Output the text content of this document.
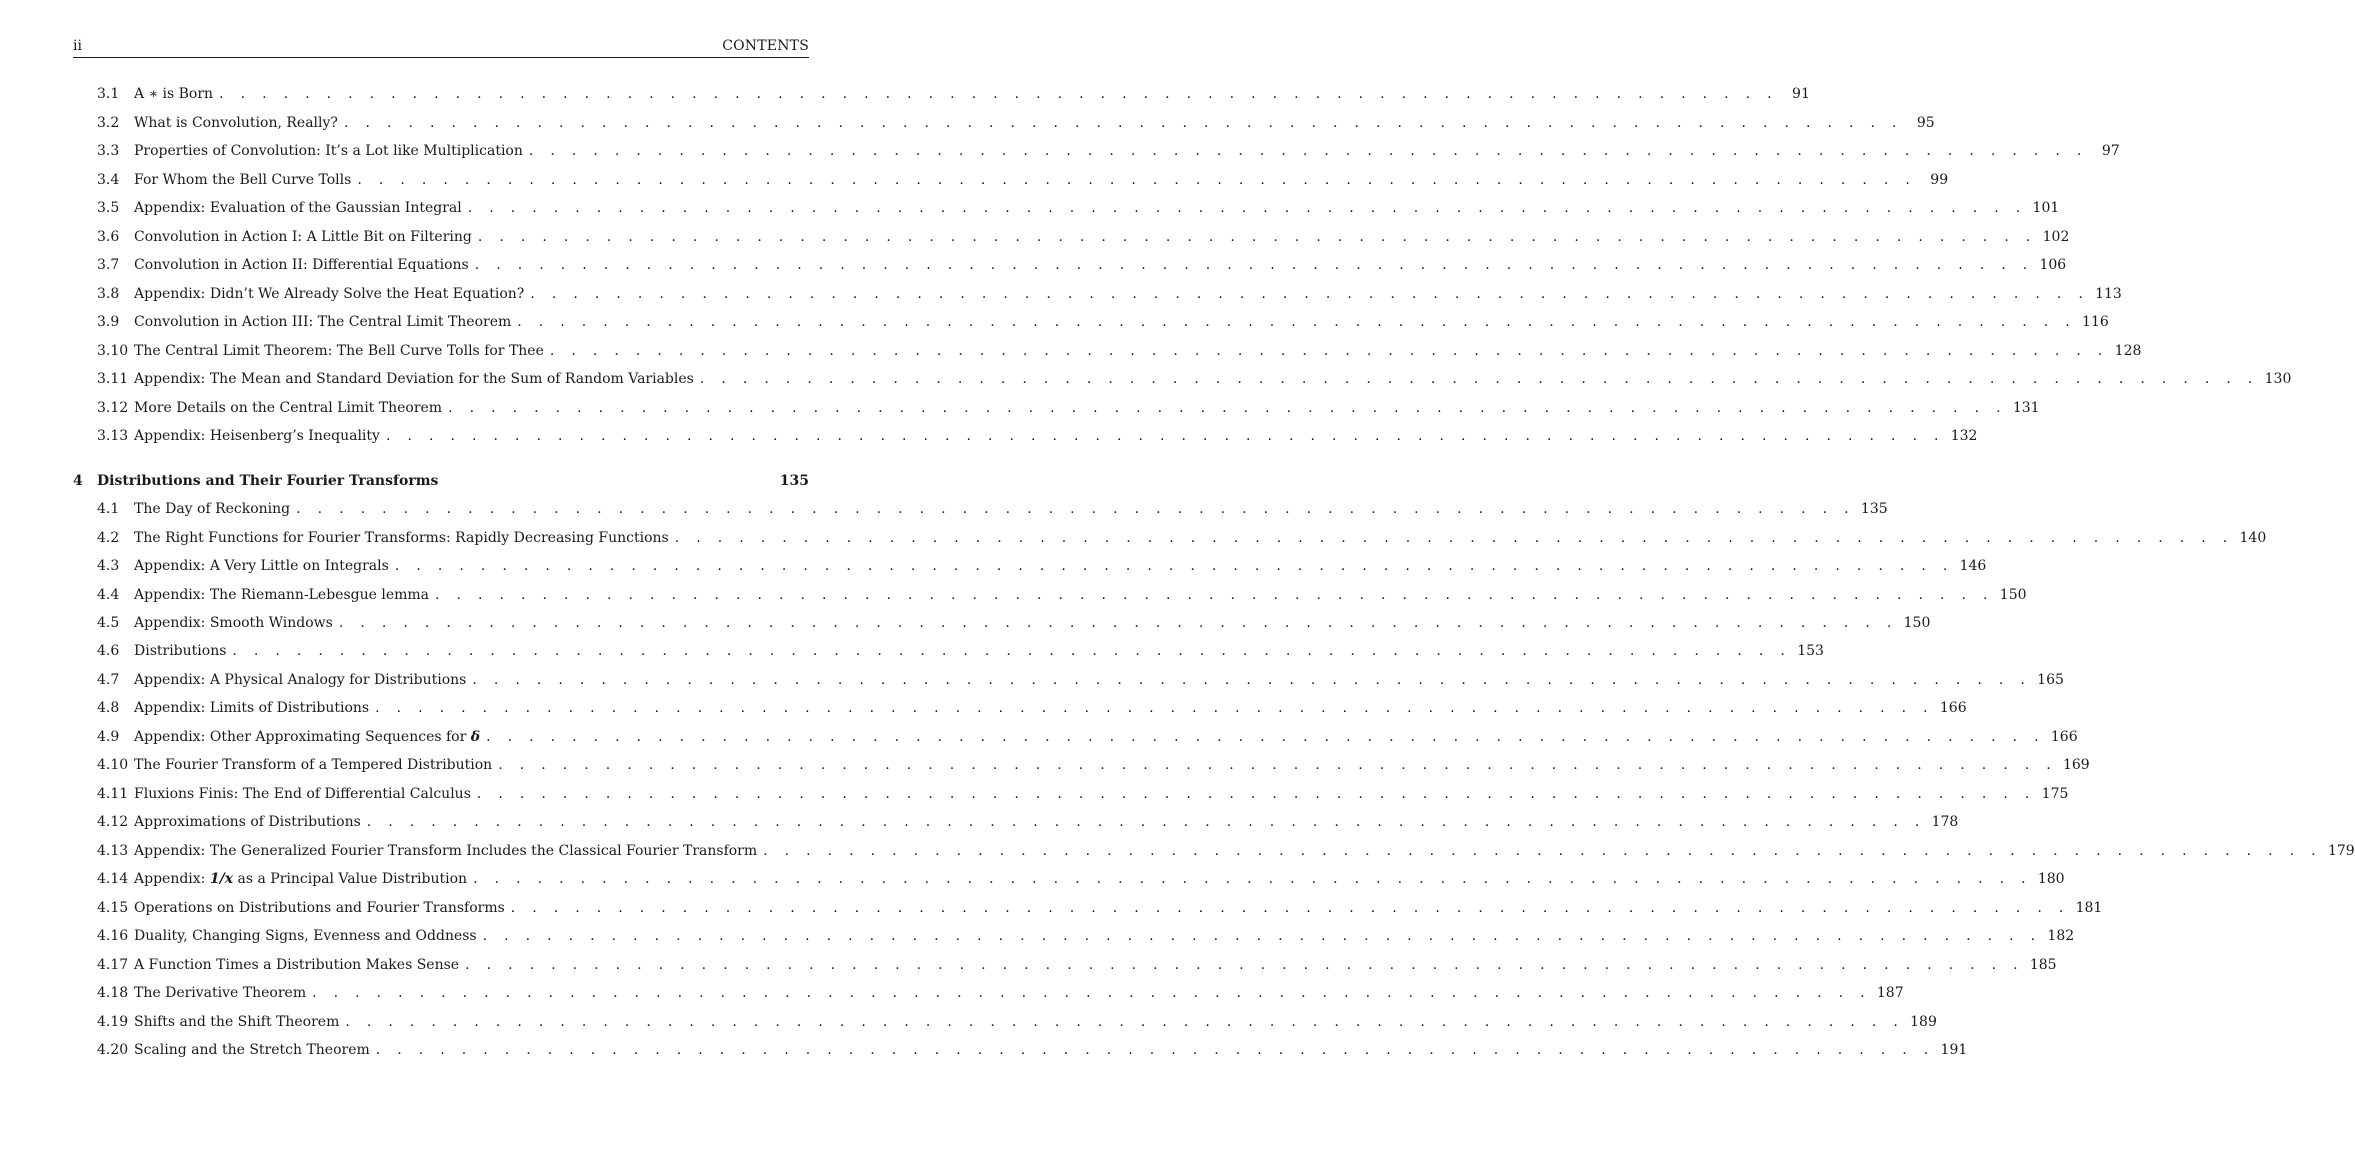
ii	CONTENTS
3.1	A ∗ is Born . . . . . . . . . . . . . . . . . . . . . . . . . . . . . . . . . . . . . . . . . . . . . . . . . . . . . . . . . . . . . . . . . . . . . . . . .	91
3.2	What is Convolution, Really? . . . . . . . . . . . . . . . . . . . . . . . . . . . . . . . . . . . . . . . . . . . . . . . . . . . . . . . . . . . . . . . . . . . . . . . . .	95
3.3	Properties of Convolution: It’s a Lot like Multiplication . . . . . . . . . . . . . . . . . . . . . . . . . . . . . . . . . . . . . . . . . . . . . . . . . . . . . . . . . . . . . . . . . . . . . . . . .	97
3.4	For Whom the Bell Curve Tolls . . . . . . . . . . . . . . . . . . . . . . . . . . . . . . . . . . . . . . . . . . . . . . . . . . . . . . . . . . . . . . . . . . . . . . . . .	99
3.5	Appendix: Evaluation of the Gaussian Integral . . . . . . . . . . . . . . . . . . . . . . . . . . . . . . . . . . . . . . . . . . . . . . . . . . . . . . . . . . . . . . . . . . . . . . . . . 101
3.6	Convolution in Action I: A Little Bit on Filtering . . . . . . . . . . . . . . . . . . . . . . . . . . . . . . . . . . . . . . . . . . . . . . . . . . . . . . . . . . . . . . . . . . . . . . . . . 102
3.7	Convolution in Action II: Differential Equations . . . . . . . . . . . . . . . . . . . . . . . . . . . . . . . . . . . . . . . . . . . . . . . . . . . . . . . . . . . . . . . . . . . . . . . . . 106
3.8	Appendix: Didn’t We Already Solve the Heat Equation? . . . . . . . . . . . . . . . . . . . . . . . . . . . . . . . . . . . . . . . . . . . . . . . . . . . . . . . . . . . . . . . . . . . . . . . . . 113
3.9	Convolution in Action III: The Central Limit Theorem . . . . . . . . . . . . . . . . . . . . . . . . . . . . . . . . . . . . . . . . . . . . . . . . . . . . . . . . . . . . . . . . . . . . . . . . . 116
3.10 The Central Limit Theorem: The Bell Curve Tolls for Thee . . . . . . . . . . . . . . . . . . . . . . . . . . . . . . . . . . . . . . . . . . . . . . . . . . . . . . . . . . . . . . . . . . . . . . . . . 128
3.11 Appendix: The Mean and Standard Deviation for the Sum of Random Variables . . . . . . . . . . . . . . . . . . . . . . . . . . . . . . . . . . . . . . . . . . . . . . . . . . . . . . . . . . . . . . . . . . . . . . . . . 130
3.12 More Details on the Central Limit Theorem . . . . . . . . . . . . . . . . . . . . . . . . . . . . . . . . . . . . . . . . . . . . . . . . . . . . . . . . . . . . . . . . . . . . . . . . . 131
3.13 Appendix: Heisenberg’s Inequality . . . . . . . . . . . . . . . . . . . . . . . . . . . . . . . . . . . . . . . . . . . . . . . . . . . . . . . . . . . . . . . . . . . . . . . . . 132
4	Distributions and Their Fourier Transforms	135
4.1	The Day of Reckoning . . . . . . . . . . . . . . . . . . . . . . . . . . . . . . . . . . . . . . . . . . . . . . . . . . . . . . . . . . . . . . . . . . . . . . . . . 135
4.2	The Right Functions for Fourier Transforms: Rapidly Decreasing Functions . . . . . . . . . . . . . . . . . . . . . . . . . . . . . . . . . . . . . . . . . . . . . . . . . . . . . . . . . . . . . . . . . . . . . . . . . 140
4.3	Appendix: A Very Little on Integrals . . . . . . . . . . . . . . . . . . . . . . . . . . . . . . . . . . . . . . . . . . . . . . . . . . . . . . . . . . . . . . . . . . . . . . . . . 146
4.4	Appendix: The Riemann-Lebesgue lemma . . . . . . . . . . . . . . . . . . . . . . . . . . . . . . . . . . . . . . . . . . . . . . . . . . . . . . . . . . . . . . . . . . . . . . . . . 150
4.5	Appendix: Smooth Windows . . . . . . . . . . . . . . . . . . . . . . . . . . . . . . . . . . . . . . . . . . . . . . . . . . . . . . . . . . . . . . . . . . . . . . . . . 150
4.6	Distributions . . . . . . . . . . . . . . . . . . . . . . . . . . . . . . . . . . . . . . . . . . . . . . . . . . . . . . . . . . . . . . . . . . . . . . . . . 153
4.7	Appendix: A Physical Analogy for Distributions . . . . . . . . . . . . . . . . . . . . . . . . . . . . . . . . . . . . . . . . . . . . . . . . . . . . . . . . . . . . . . . . . . . . . . . . . 165
4.8	Appendix: Limits of Distributions . . . . . . . . . . . . . . . . . . . . . . . . . . . . . . . . . . . . . . . . . . . . . . . . . . . . . . . . . . . . . . . . . . . . . . . . . 166
4.9	Appendix: Other Approximating Sequences for δ . . . . . . . . . . . . . . . . . . . . . . . . . . . . . . . . . . . . . . . . . . . . . . . . . . . . . . . . . . . . . . . . . . . . . . . . . 166
4.10 The Fourier Transform of a Tempered Distribution . . . . . . . . . . . . . . . . . . . . . . . . . . . . . . . . . . . . . . . . . . . . . . . . . . . . . . . . . . . . . . . . . . . . . . . . . 169
4.11 Fluxions Finis: The End of Differential Calculus . . . . . . . . . . . . . . . . . . . . . . . . . . . . . . . . . . . . . . . . . . . . . . . . . . . . . . . . . . . . . . . . . . . . . . . . . 175
4.12 Approximations of Distributions . . . . . . . . . . . . . . . . . . . . . . . . . . . . . . . . . . . . . . . . . . . . . . . . . . . . . . . . . . . . . . . . . . . . . . . . . 178
4.13 Appendix: The Generalized Fourier Transform Includes the Classical Fourier Transform . . . . . . . . . . . . . . . . . . . . . . . . . . . . . . . . . . . . . . . . . . . . . . . . . . . . . . . . . . . . . . . . . . . . . . . . . 179
4.14 Appendix: 1/x as a Principal Value Distribution . . . . . . . . . . . . . . . . . . . . . . . . . . . . . . . . . . . . . . . . . . . . . . . . . . . . . . . . . . . . . . . . . . . . . . . . . 180
4.15 Operations on Distributions and Fourier Transforms . . . . . . . . . . . . . . . . . . . . . . . . . . . . . . . . . . . . . . . . . . . . . . . . . . . . . . . . . . . . . . . . . . . . . . . . . 181
4.16 Duality, Changing Signs, Evenness and Oddness . . . . . . . . . . . . . . . . . . . . . . . . . . . . . . . . . . . . . . . . . . . . . . . . . . . . . . . . . . . . . . . . . . . . . . . . . 182
4.17 A Function Times a Distribution Makes Sense . . . . . . . . . . . . . . . . . . . . . . . . . . . . . . . . . . . . . . . . . . . . . . . . . . . . . . . . . . . . . . . . . . . . . . . . . 185
4.18 The Derivative Theorem . . . . . . . . . . . . . . . . . . . . . . . . . . . . . . . . . . . . . . . . . . . . . . . . . . . . . . . . . . . . . . . . . . . . . . . . . 187
4.19 Shifts and the Shift Theorem . . . . . . . . . . . . . . . . . . . . . . . . . . . . . . . . . . . . . . . . . . . . . . . . . . . . . . . . . . . . . . . . . . . . . . . . . 189
4.20 Scaling and the Stretch Theorem . . . . . . . . . . . . . . . . . . . . . . . . . . . . . . . . . . . . . . . . . . . . . . . . . . . . . . . . . . . . . . . . . . . . . . . . . 191
